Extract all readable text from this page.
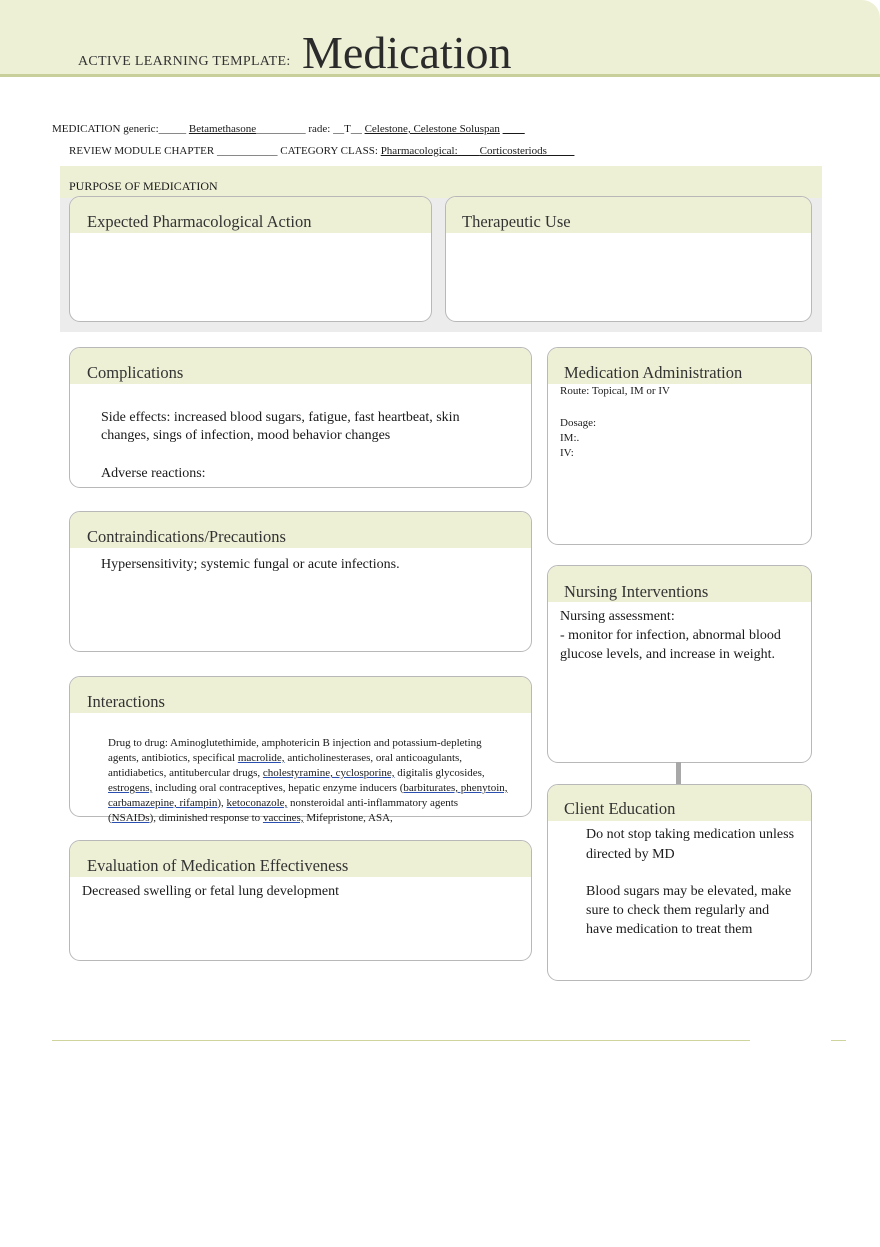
ACTIVE LEARNING TEMPLATE: Medication
MEDICATION generic:_____ Betamethasone_________ rade: __T__ Celestone, Celestone Soluspan ____
REVIEW MODULE CHAPTER ___________ CATEGORY CLASS: Pharmacological:____Corticosteriods_____
PURPOSE OF MEDICATION
Expected Pharmacological Action	Therapeutic Use
Complications
Side effects: increased blood sugars, fatigue, fast heartbeat, skin changes, sings of infection, mood behavior changes
Adverse reactions:
Medication Administration
Route: Topical, IM or IV
Dosage:
IM:.
IV:
Contraindications/Precautions
Hypersensitivity; systemic fungal or acute infections.
Nursing Interventions
Nursing assessment:
- monitor for infection, abnormal blood glucose levels, and increase in weight.
Interactions
Drug to drug: Aminoglutethimide, amphotericin B injection and potassium-depleting agents, antibiotics, specifical macrolide, anticholinesterases, oral anticoagulants, antidiabetics, antitubercular drugs, cholestyramine, cyclosporine, digitalis glycosides, estrogens, including oral contraceptives, hepatic enzyme inducers (barbiturates, phenytoin, carbamazepine, rifampin), ketoconazole, nonsteroidal anti-inflammatory agents (NSAIDs), diminished response to vaccines, Mifepristone, ASA,	Client Education
Do not stop taking medication unless directed by MD
Blood sugars may be elevated, make sure to check them regularly and have medication to treat them
Evaluation of Medication Effectiveness
Decreased swelling or fetal lung development
